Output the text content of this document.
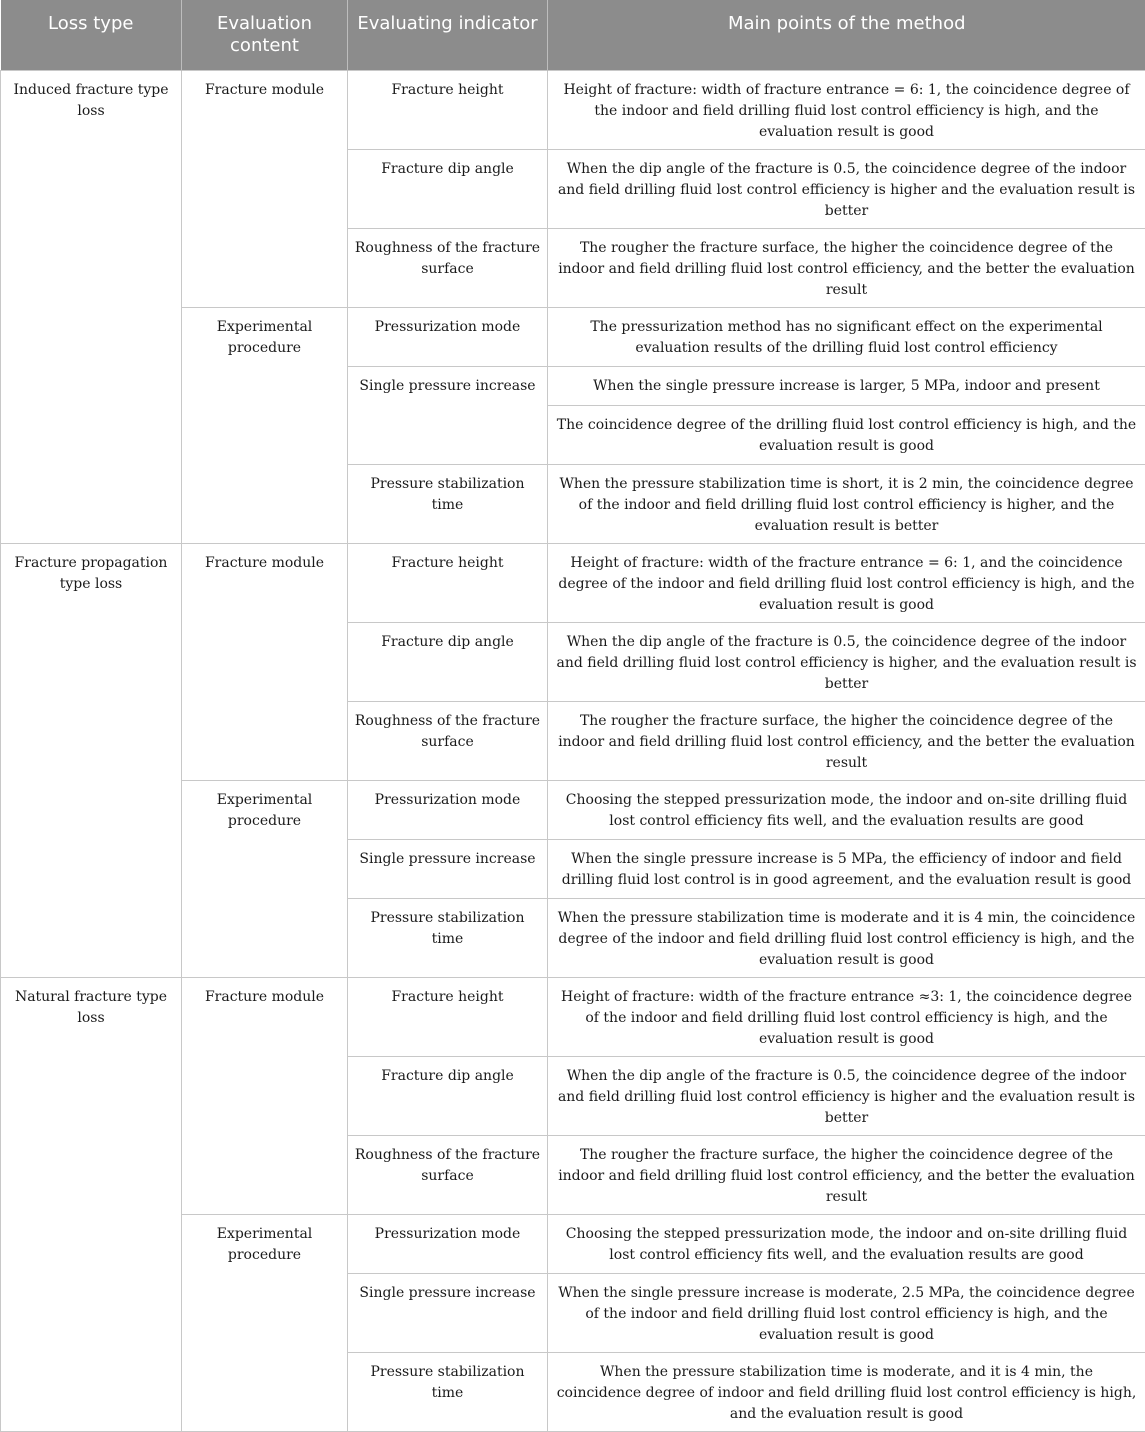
Loss type	Evaluation content	Evaluating indicator	Main points of the method

Induced fracture type loss	Fracture module	Fracture height	Height of fracture: width of fracture entrance = 6: 1, the coincidence degree of the indoor and field drilling fluid lost control efficiency is high, and the evaluation result is good
		Fracture dip angle	When the dip angle of the fracture is 0.5, the coincidence degree of the indoor and field drilling fluid lost control efficiency is higher and the evaluation result is better
		Roughness of the fracture surface	The rougher the fracture surface, the higher the coincidence degree of the indoor and field drilling fluid lost control efficiency, and the better the evaluation result
	Experimental procedure	Pressurization mode	The pressurization method has no significant effect on the experimental evaluation results of the drilling fluid lost control efficiency
		Single pressure increase	When the single pressure increase is larger, 5 MPa, indoor and present
			The coincidence degree of the drilling fluid lost control efficiency is high, and the evaluation result is good
		Pressure stabilization time	When the pressure stabilization time is short, it is 2 min, the coincidence degree of the indoor and field drilling fluid lost control efficiency is higher, and the evaluation result is better
Fracture propagation type loss	Fracture module	Fracture height	Height of fracture: width of the fracture entrance = 6: 1, and the coincidence degree of the indoor and field drilling fluid lost control efficiency is high, and the evaluation result is good
		Fracture dip angle	When the dip angle of the fracture is 0.5, the coincidence degree of the indoor and field drilling fluid lost control efficiency is higher, and the evaluation result is better
		Roughness of the fracture surface	The rougher the fracture surface, the higher the coincidence degree of the indoor and field drilling fluid lost control efficiency, and the better the evaluation result
	Experimental procedure	Pressurization mode	Choosing the stepped pressurization mode, the indoor and on-site drilling fluid lost control efficiency fits well, and the evaluation results are good
		Single pressure increase	When the single pressure increase is 5 MPa, the efficiency of indoor and field drilling fluid lost control is in good agreement, and the evaluation result is good
		Pressure stabilization time	When the pressure stabilization time is moderate and it is 4 min, the coincidence degree of the indoor and field drilling fluid lost control efficiency is high, and the evaluation result is good
Natural fracture type loss	Fracture module	Fracture height	Height of fracture: width of the fracture entrance ≈3: 1, the coincidence degree of the indoor and field drilling fluid lost control efficiency is high, and the evaluation result is good
		Fracture dip angle	When the dip angle of the fracture is 0.5, the coincidence degree of the indoor and field drilling fluid lost control efficiency is higher and the evaluation result is better
		Roughness of the fracture surface	The rougher the fracture surface, the higher the coincidence degree of the indoor and field drilling fluid lost control efficiency, and the better the evaluation result
	Experimental procedure	Pressurization mode	Choosing the stepped pressurization mode, the indoor and on-site drilling fluid lost control efficiency fits well, and the evaluation results are good
		Single pressure increase	When the single pressure increase is moderate, 2.5 MPa, the coincidence degree of the indoor and field drilling fluid lost control efficiency is high, and the evaluation result is good
		Pressure stabilization time	When the pressure stabilization time is moderate, and it is 4 min, the coincidence degree of indoor and field drilling fluid lost control efficiency is high, and the evaluation result is good
